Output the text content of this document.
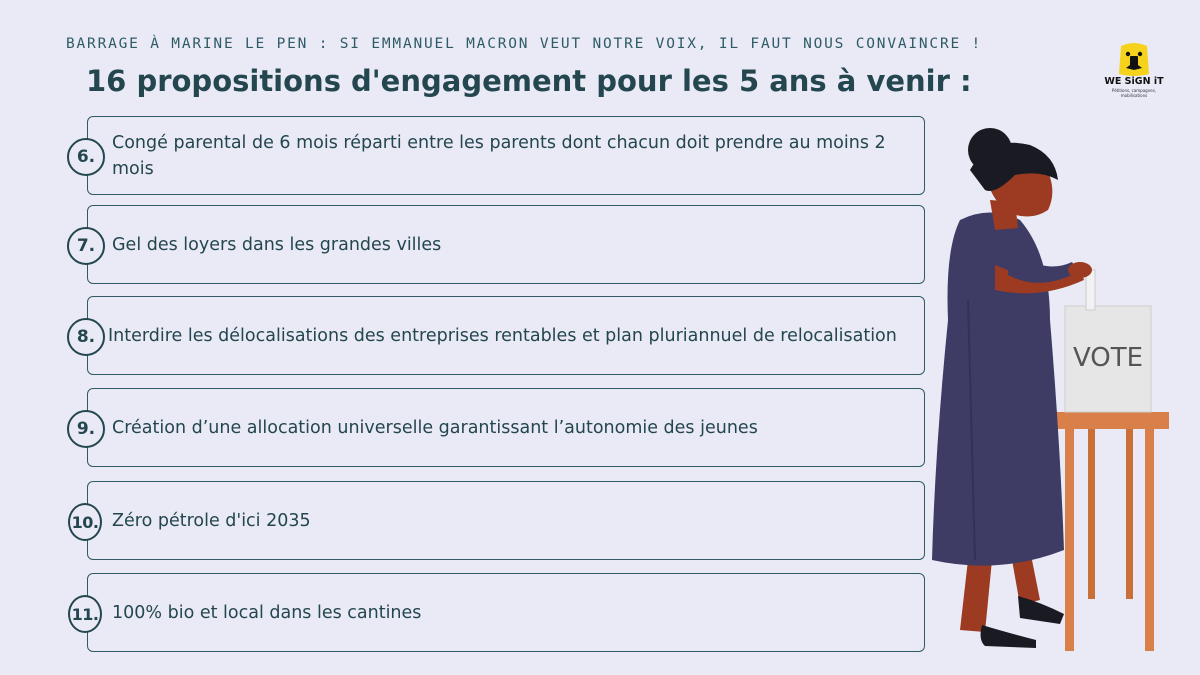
BARRAGE À MARINE LE PEN : SI EMMANUEL MACRON VEUT NOTRE VOIX, IL FAUT NOUS CONVAINCRE !
16 propositions d'engagement pour les 5 ans à venir :	WE SiGN iT
Pétitions, campagnes, mobilisations
6.
Congé parental de 6 mois réparti entre les parents dont chacun doit prendre au moins 2 mois
7. Gel des loyers dans les grandes villes
8. Interdire les délocalisations des entreprises rentables et plan pluriannuel de relocalisation
9. Création d’une allocation universelle garantissant l’autonomie des jeunes
10. Zéro pétrole d'ici 2035
11. 100% bio et local dans les cantines
VOTE
